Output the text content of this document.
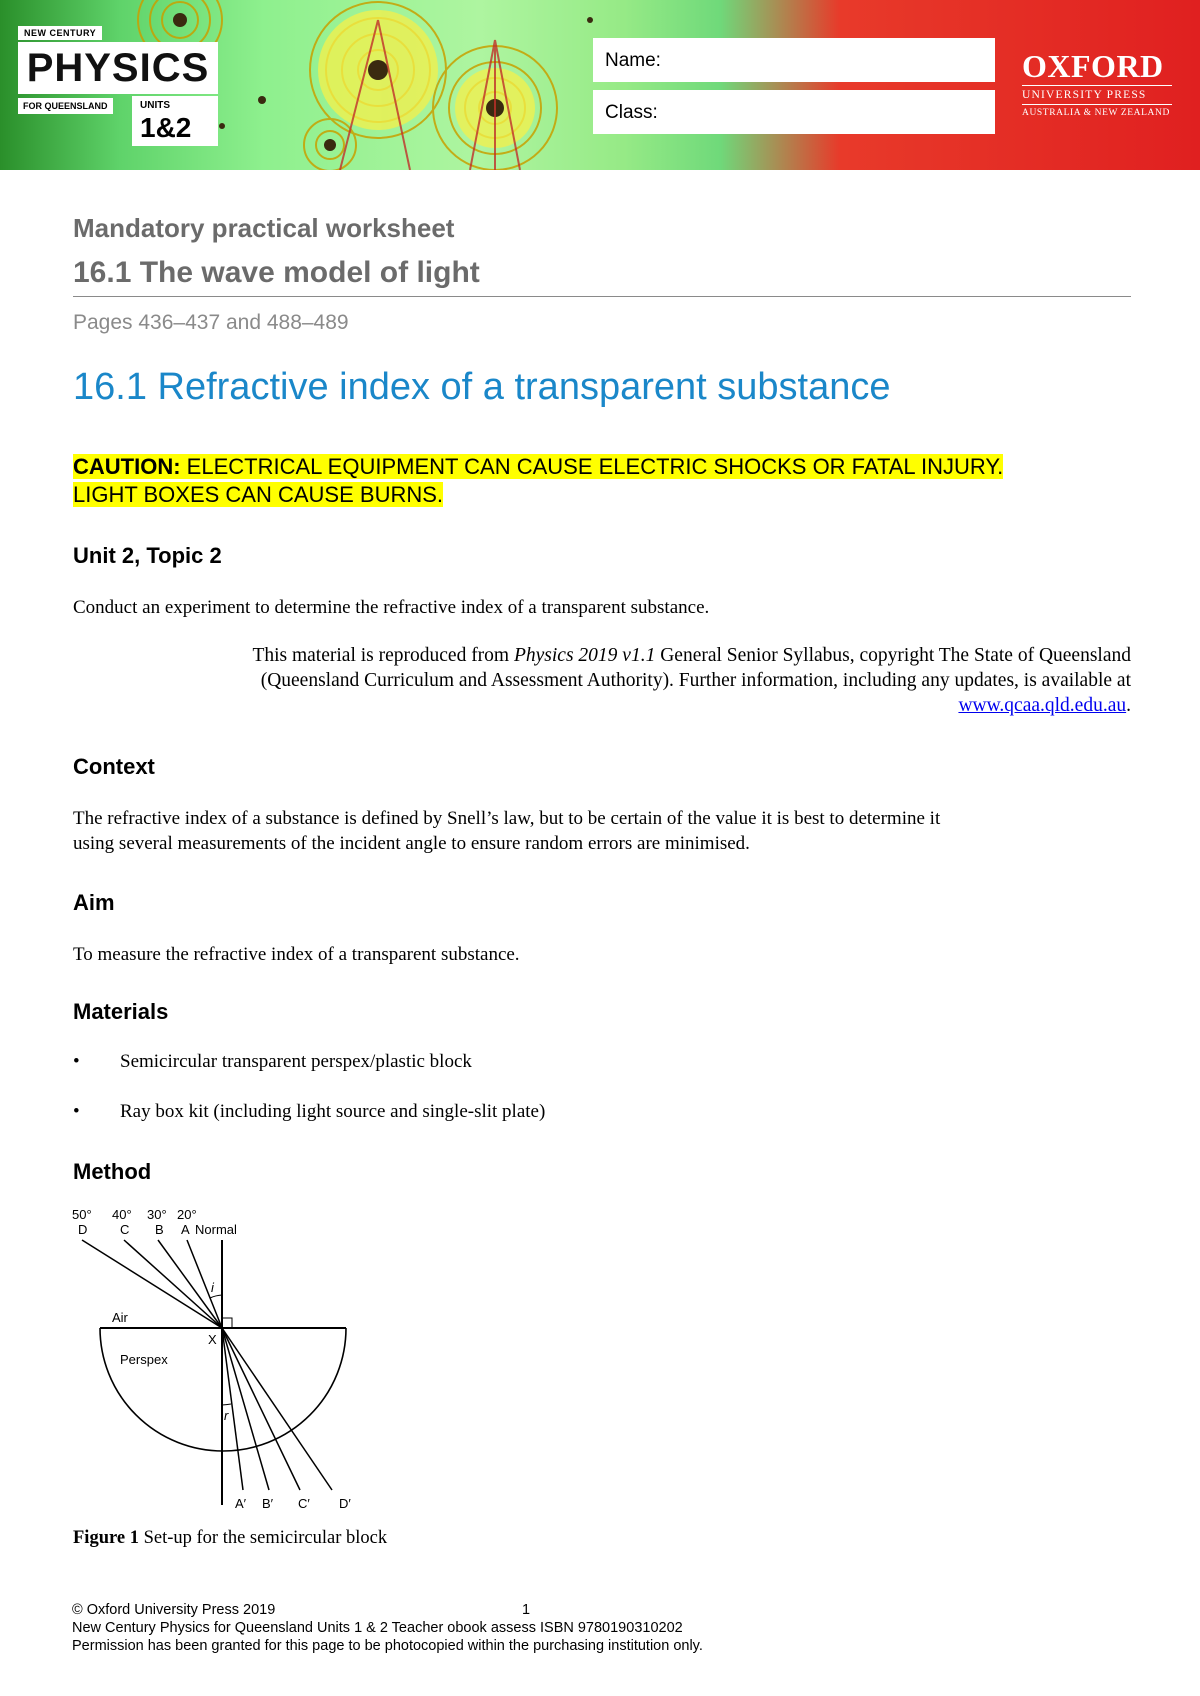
NEW CENTURY
PHYSICS
FOR QUEENSLAND	UNITS
1&2
Name:
Class:
OXFORD
UNIVERSITY PRESS
AUSTRALIA & NEW ZEALAND

Mandatory practical worksheet

16.1 The wave model of light

Pages 436–437 and 488–489

16.1 Refractive index of a transparent substance

CAUTION: ELECTRICAL EQUIPMENT CAN CAUSE ELECTRIC SHOCKS OR FATAL INJURY.
LIGHT BOXES CAN CAUSE BURNS.

Unit 2, Topic 2

Conduct an experiment to determine the refractive index of a transparent substance.

This material is reproduced from Physics 2019 v1.1 General Senior Syllabus, copyright The State of Queensland
(Queensland Curriculum and Assessment Authority). Further information, including any updates, is available at
www.qcaa.qld.edu.au.

Context

The refractive index of a substance is defined by Snell’s law, but to be certain of the value it is best to determine it
using several measurements of the incident angle to ensure random errors are minimised.

Aim

To measure the refractive index of a transparent substance.

Materials

• Semicircular transparent perspex/plastic block

• Ray box kit (including light source and single-slit plate)

Method

50° 40° 30° 20°
D	C B A Normal
i
r
Air
Perspex
X
A′ B′ C′ D′

Figure 1 Set-up for the semicircular block

© Oxford University Press 2019	1

New Century Physics for Queensland Units 1 & 2 Teacher obook assess ISBN 9780190310202

Permission has been granted for this page to be photocopied within the purchasing institution only.
